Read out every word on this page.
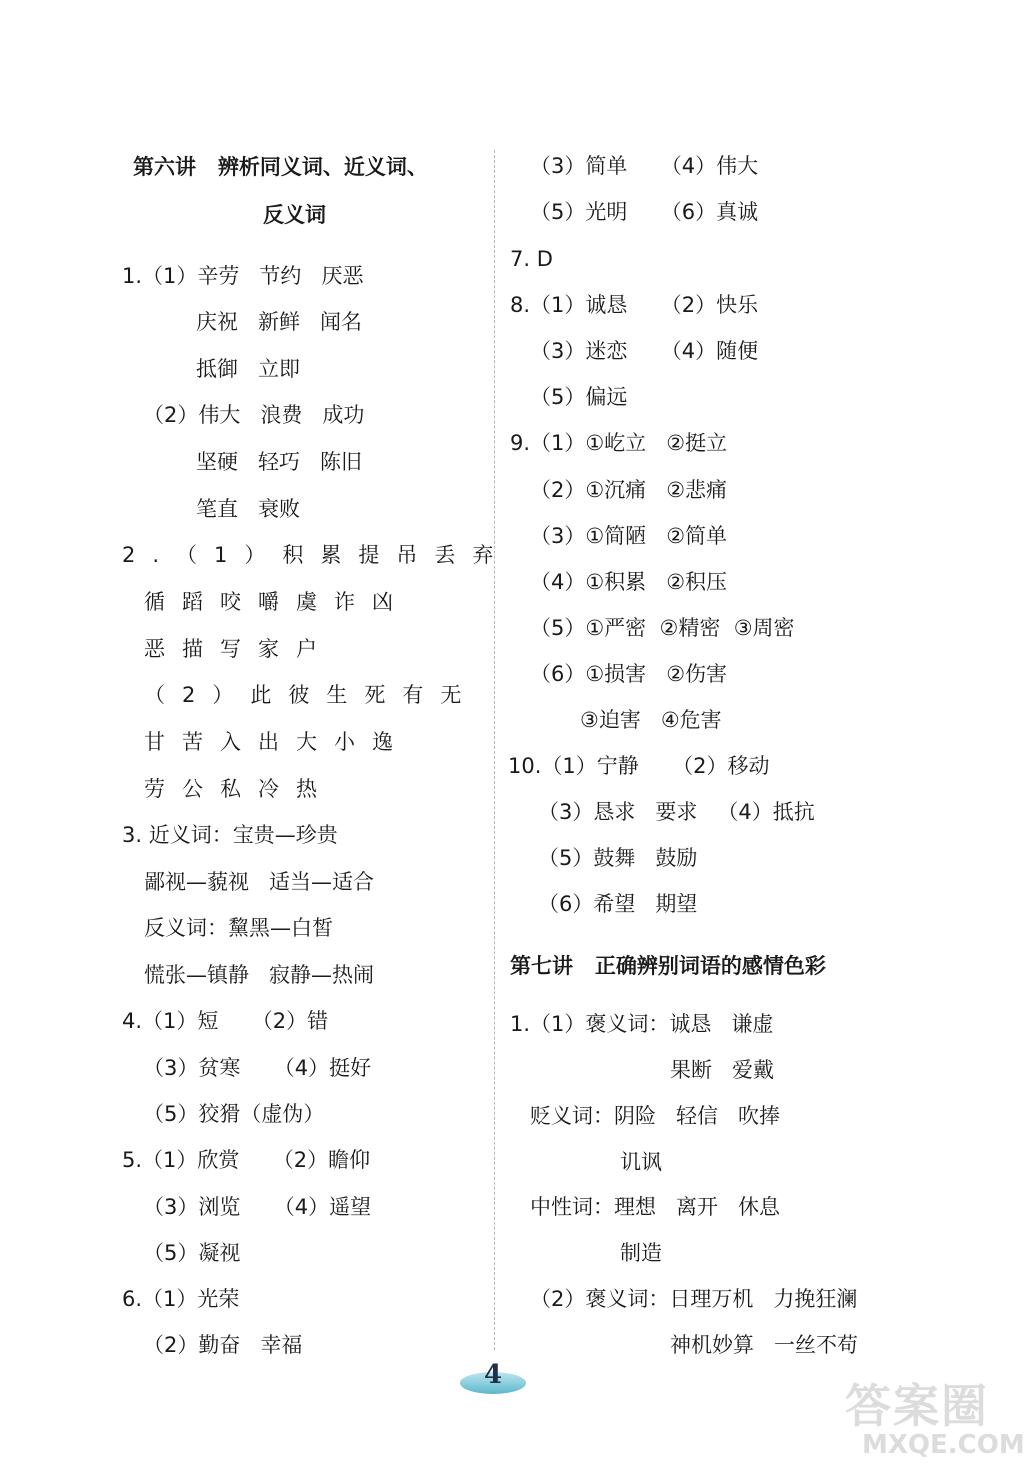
第六讲   辨析同义词、近义词、
反义词
1.（1）辛劳   节约   厌恶
庆祝   新鲜   闻名
抵御   立即
（2）伟大   浪费   成功
坚硬   轻巧   陈旧
笔直   衰败
2.（1）积累提吊丢弃
循蹈咬嚼虞诈凶
恶描写家户
（2）此彼生死有无
甘苦入出大小逸
劳公私冷热
3. 近义词：宝贵—珍贵
鄙视—藐视   适当—适合
反义词：黧黑—白皙
慌张—镇静   寂静—热闹
4.（1）短     （2）错
（3）贫寒     （4）挺好
（5）狡猾（虚伪）
5.（1）欣赏     （2）瞻仰
（3）浏览     （4）遥望
（5）凝视
6.（1）光荣
（2）勤奋   幸福
（3）简单     （4）伟大
（5）光明     （6）真诚
7. D
8.（1）诚恳     （2）快乐
（3）迷恋     （4）随便
（5）偏远
9.（1）①屹立   ②挺立
（2）①沉痛   ②悲痛
（3）①简陋   ②简单
（4）①积累   ②积压
（5）①严密  ②精密  ③周密
（6）①损害   ②伤害
③迫害   ④危害
10.（1）宁静     （2）移动
（3）恳求   要求   （4）抵抗
（5）鼓舞   鼓励
（6）希望   期望
第七讲   正确辨别词语的感情色彩
1.（1）褒义词：诚恳   谦虚
果断   爱戴
贬义词：阴险   轻信   吹捧
讥讽
中性词：理想   离开   休息
制造
（2）褒义词：日理万机   力挽狂澜
神机妙算   一丝不苟
4
答案圈
MXQE.COM
